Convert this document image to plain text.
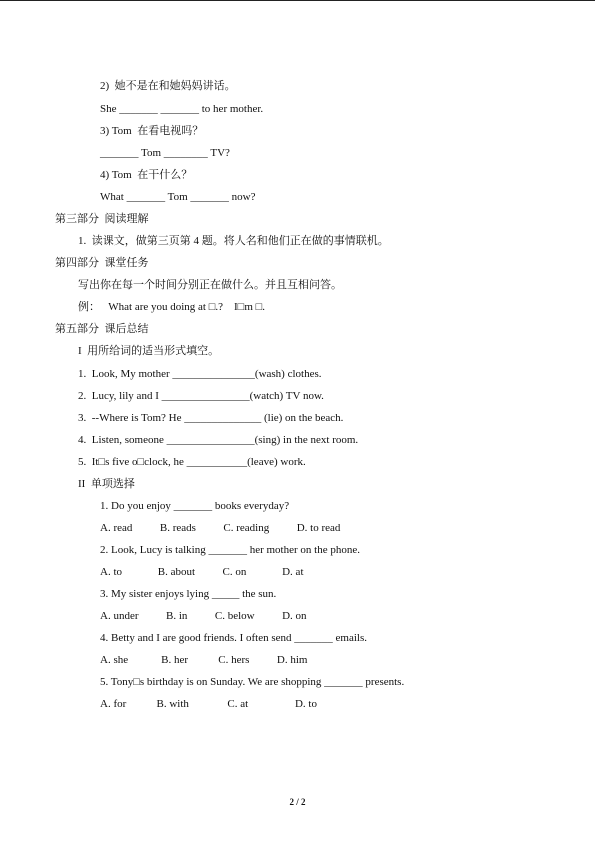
2)  她不是在和她妈妈讲话。
She _______ _______ to her mother.
3) Tom  在看电视吗？
_______ Tom ________ TV?
4) Tom  在干什么？
What _______ Tom _______ now?
第三部分  阅读理解
1.  读课文，做第三页第 4 题。将人名和他们正在做的事情联机。
第四部分  课堂任务
写出你在每一个时间分别正在做什么。并且互相问答。
例：   What are you doing at □.?    I□m □.
第五部分  课后总结
I  用所给词的适当形式填空。
1.  Look, My mother _______________(wash) clothes.
2.  Lucy, lily and I ________________(watch) TV now.
3.  --Where is Tom? He ______________ (lie) on the beach.
4.  Listen, someone ________________(sing) in the next room.
5.  It□s five o□clock, he ___________(leave) work.
II  单项选择
1. Do you enjoy _______ books everyday?
A. read          B. reads          C. reading          D. to read
2. Look, Lucy is talking _______ her mother on the phone.
A. to             B. about          C. on             D. at
3. My sister enjoys lying _____ the sun.
A. under          B. in          C. below          D. on
4. Betty and I are good friends. I often send _______ emails.
A. she            B. her           C. hers          D. him
5. Tony□s birthday is on Sunday. We are shopping _______ presents.
A. for           B. with              C. at                 D. to
2 / 2
